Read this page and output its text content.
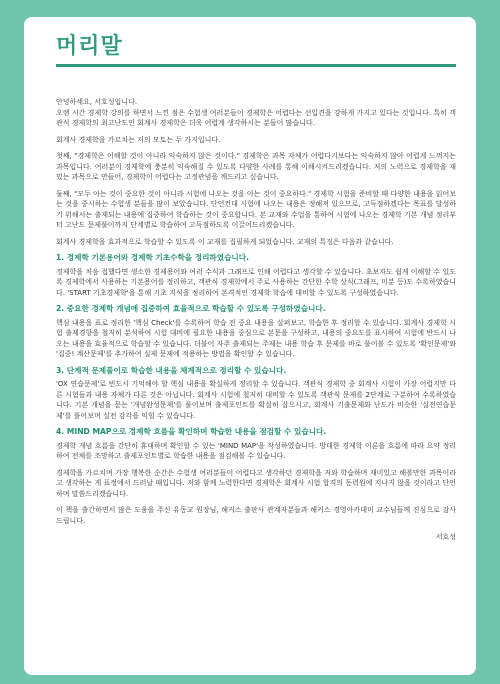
머리말

안녕하세요, 서호성입니다.
오랜 시간 경제학 강의를 하면서 느낀 점은 수험생 여러분들이 경제학은 어렵다는 선입견을 강하게 가지고 있다는 것입니다. 특히 객관식 경제학의 최고난도인 회계사 경제학은 더욱 어렵게 생각하시는 분들이 많습니다.

회계사 경제학을 가르치는 저의 모토는 두 가지입니다.

첫째, "경제학은 이해할 것이 아니라 익숙하지 않은 것이다." 경제학은 과목 자체가 어렵다기보다는 익숙하지 않아 어렵게 느껴지는 과목입니다. 여러분이 경제학에 충분히 익숙해질 수 있도록 다양한 사례를 통해 이해시켜드리겠습니다. 저의 노력으로 경제학을 재밌는 과목으로 만들어, 경제학이 어렵다는 고정관념을 깨드리고 싶습니다.

둘째, "모두 아는 것이 중요한 것이 아니라 시험에 나오는 것을 아는 것이 중요하다." 경제학 시험을 준비할 때 다양한 내용을 읽어보는 것을 중시하는 수험생 분들을 많이 보았습니다. 단언컨대 시험에 나오는 내용은 정해져 있으므로, 고득점하겠다는 목표를 달성하기 위해서는 출제되는 내용에 집중하여 학습하는 것이 중요합니다. 본 교재와 수업을 통하여 시험에 나오는 경제학 기본 개념 정리부터 고난도 문제풀이까지 단계별로 학습하여 고득점하도록 이끌어드리겠습니다.

회계사 경제학을 효과적으로 학습할 수 있도록 이 교재를 집필하게 되었습니다. 교재의 특징은 다음과 같습니다.

1. 경제학 기본용어와 경제학 기초수학을 정리하였습니다.

경제학을 처음 접했다면 생소한 경제용어와 여러 수식과 그래프로 인해 어렵다고 생각할 수 있습니다. 초보자도 쉽게 이해할 수 있도록 경제학에서 사용하는 기본용어를 정리하고, 객관식 경제학에서 주로 사용하는 간단한 수학 상식(그래프, 미분 등)도 수록하였습니다. 'START 기초경제학'을 통해 기초 지식을 정리하여 본격적인 경제학 학습에 대비할 수 있도록 구성하였습니다.

2. 중요한 경제학 개념에 집중하여 효율적으로 학습할 수 있도록 구성하였습니다.

핵심 내용을 표로 정리한 '핵심 Check'를 수록하여 학습 전 중요 내용을 살펴보고, 학습한 후 정리할 수 있습니다. 회계사 경제학 시험 출제경향을 철저히 분석하여 시험 대비에 필요한 내용을 중심으로 본문을 구성하고, 내용의 중요도를 표시하여 시험에 반드시 나오는 내용을 효율적으로 학습할 수 있습니다. 더불어 자주 출제되는 주제는 내용 학습 후 문제를 바로 풀어볼 수 있도록 '확인문제'와 '집중! 계산문제'를 추가하여 실제 문제에 적용하는 방법을 확인할 수 있습니다.

3. 단계적 문제풀이로 학습한 내용을 체계적으로 정리할 수 있습니다.

'OX 연습문제'로 빈도시 기억해야 할 핵심 내용을 확실하게 정리할 수 있습니다. 객관식 경제학 중 회계사 시험이 가장 어렵지만 다른 시험들과 내용 자체가 다른 것은 아닙니다. 회계사 시험에 철저히 대비할 수 있도록 객관식 문제를 2단계로 구분하여 수록하였습니다. 기본 개념을 묻는 '개념완성문제'를 풀어보며 출제포인트를 확실히 잡으시고, 회계사 기출문제와 난도가 비슷한 '실전연습문제'를 풀어보며 실전 감각을 익힐 수 있습니다.

4. MIND MAP으로 경제학 흐름을 확인하며 학습한 내용을 점검할 수 있습니다.

경제학 개념 흐름을 간단히 휴대하며 확인할 수 있는 'MIND MAP'을 작성하였습니다. 방대한 경제학 이론을 흐름에 따라 요약 정리하여 전체를 조망하고 출제포인트별로 학습한 내용을 점검해볼 수 있습니다.

경제학을 가르치며 가장 행복한 순간은 수험생 여러분들이 어렵다고 생각하던 경제학을 저와 학습하며 재미있고 해볼만한 과목이라고 생각하는 게 표정에서 드러날 때입니다. 저와 함께 노력한다면 경제학은 회계사 시험 합격의 동력원에 지나지 않을 것이라고 단언하며 말씀드리겠습니다.

이 책을 출간하면서 많은 도움을 주신 유동교 원장님, 해커스 출판사 관계자분들과 해커스 경영아카데미 교수님들께 진심으로 감사드립니다.

서호성
